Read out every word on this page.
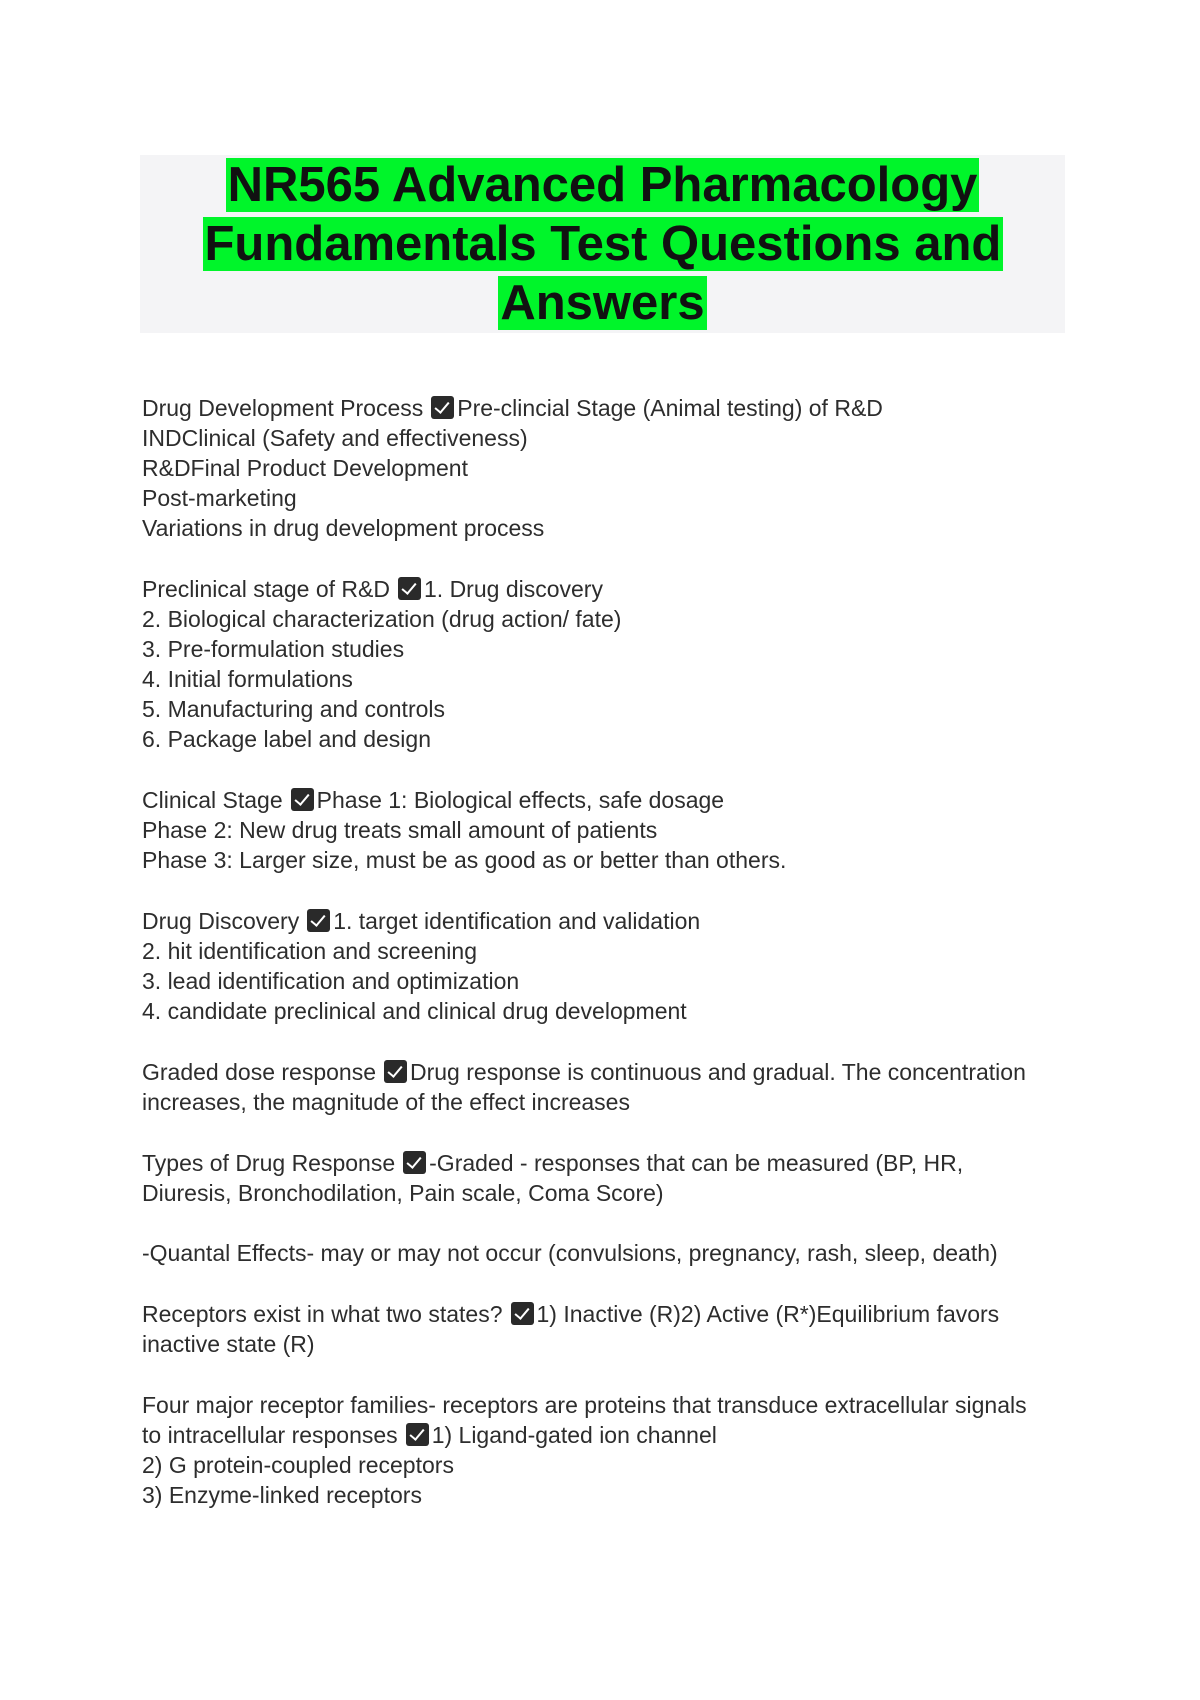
NR565 Advanced Pharmacology Fundamentals Test Questions and Answers
Drug Development Process Pre-clincial Stage (Animal testing) of R&D
INDClinical (Safety and effectiveness)
R&DFinal Product Development
Post-marketing
Variations in drug development process
Preclinical stage of R&D 1. Drug discovery
2. Biological characterization (drug action/ fate)
3. Pre-formulation studies
4. Initial formulations
5. Manufacturing and controls
6. Package label and design
Clinical Stage Phase 1: Biological effects, safe dosage
Phase 2: New drug treats small amount of patients
Phase 3: Larger size, must be as good as or better than others.
Drug Discovery 1. target identification and validation
2. hit identification and screening
3. lead identification and optimization
4. candidate preclinical and clinical drug development
Graded dose response Drug response is continuous and gradual. The concentration
increases, the magnitude of the effect increases
Types of Drug Response -Graded - responses that can be measured (BP, HR,
Diuresis, Bronchodilation, Pain scale, Coma Score)
-Quantal Effects- may or may not occur (convulsions, pregnancy, rash, sleep, death)
Receptors exist in what two states? 1) Inactive (R)2) Active (R*)Equilibrium favors
inactive state (R)
Four major receptor families- receptors are proteins that transduce extracellular signals
to intracellular responses 1) Ligand-gated ion channel
2) G protein-coupled receptors
3) Enzyme-linked receptors
